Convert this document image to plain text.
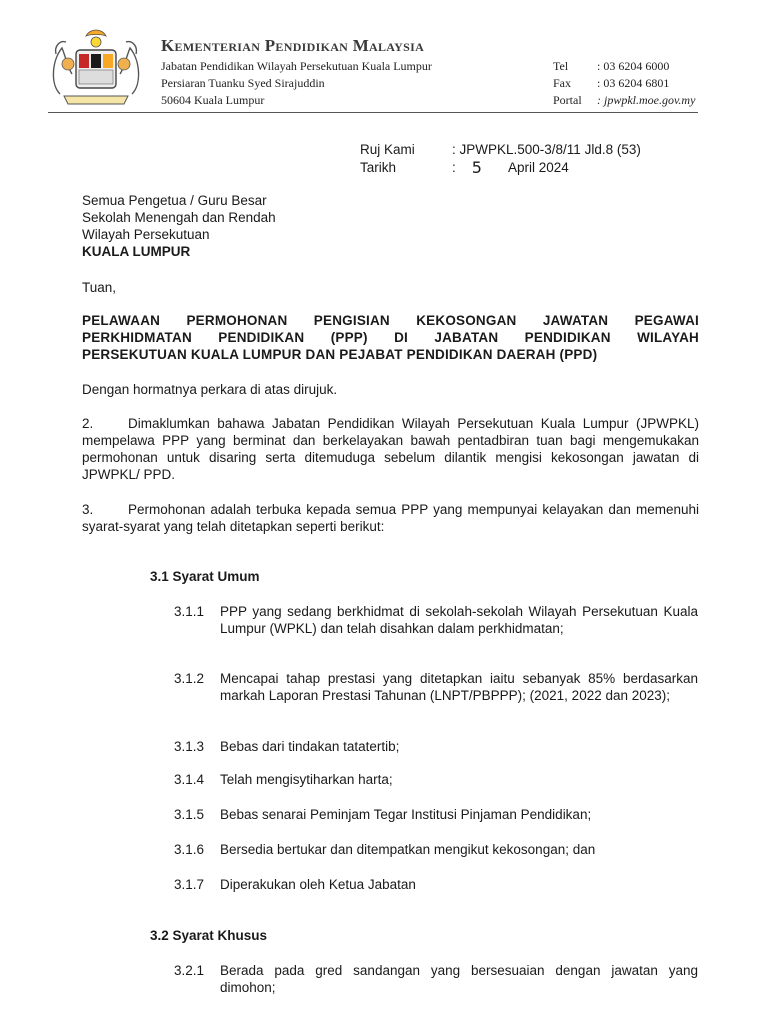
Kementerian Pendidikan Malaysia
Jabatan Pendidikan Wilayah Persekutuan Kuala Lumpur
Persiaran Tuanku Syed Sirajuddin
50604 Kuala Lumpur
Tel	: 03 6204 6000
Fax	: 03 6204 6801
Portal	: jpwpkl.moe.gov.my
Ruj Kami	: JPWPKL.500-3/8/11 Jld.8 (53)
Tarikh	: 5 April 2024
Semua Pengetua / Guru Besar
Sekolah Menengah dan Rendah
Wilayah Persekutuan
KUALA LUMPUR
Tuan,
PELAWAAN PERMOHONAN PENGISIAN KEKOSONGAN JAWATAN PEGAWAI
PERKHIDMATAN PENDIDIKAN (PPP) DI JABATAN PENDIDIKAN WILAYAH
PERSEKUTUAN KUALA LUMPUR DAN PEJABAT PENDIDIKAN DAERAH (PPD)
Dengan hormatnya perkara di atas dirujuk.
2.	Dimaklumkan bahawa Jabatan Pendidikan Wilayah Persekutuan Kuala Lumpur (JPWPKL) mempelawa PPP yang berminat dan berkelayakan bawah pentadbiran tuan bagi mengemukakan permohonan untuk disaring serta ditemuduga sebelum dilantik mengisi kekosongan jawatan di JPWPKL/ PPD.
3.	Permohonan adalah terbuka kepada semua PPP yang mempunyai kelayakan dan memenuhi syarat-syarat yang telah ditetapkan seperti berikut:
3.1 Syarat Umum
3.1.1	PPP yang sedang berkhidmat di sekolah-sekolah Wilayah Persekutuan Kuala Lumpur (WPKL) dan telah disahkan dalam perkhidmatan;
3.1.2	Mencapai tahap prestasi yang ditetapkan iaitu sebanyak 85% berdasarkan markah Laporan Prestasi Tahunan (LNPT/PBPPP); (2021, 2022 dan 2023);
3.1.3	Bebas dari tindakan tatatertib;
3.1.4	Telah mengisytiharkan harta;
3.1.5	Bebas senarai Peminjam Tegar Institusi Pinjaman Pendidikan;
3.1.6	Bersedia bertukar dan ditempatkan mengikut kekosongan; dan
3.1.7	Diperakukan oleh Ketua Jabatan
3.2 Syarat Khusus
3.2.1	Berada pada gred sandangan yang bersesuaian dengan jawatan yang dimohon;
